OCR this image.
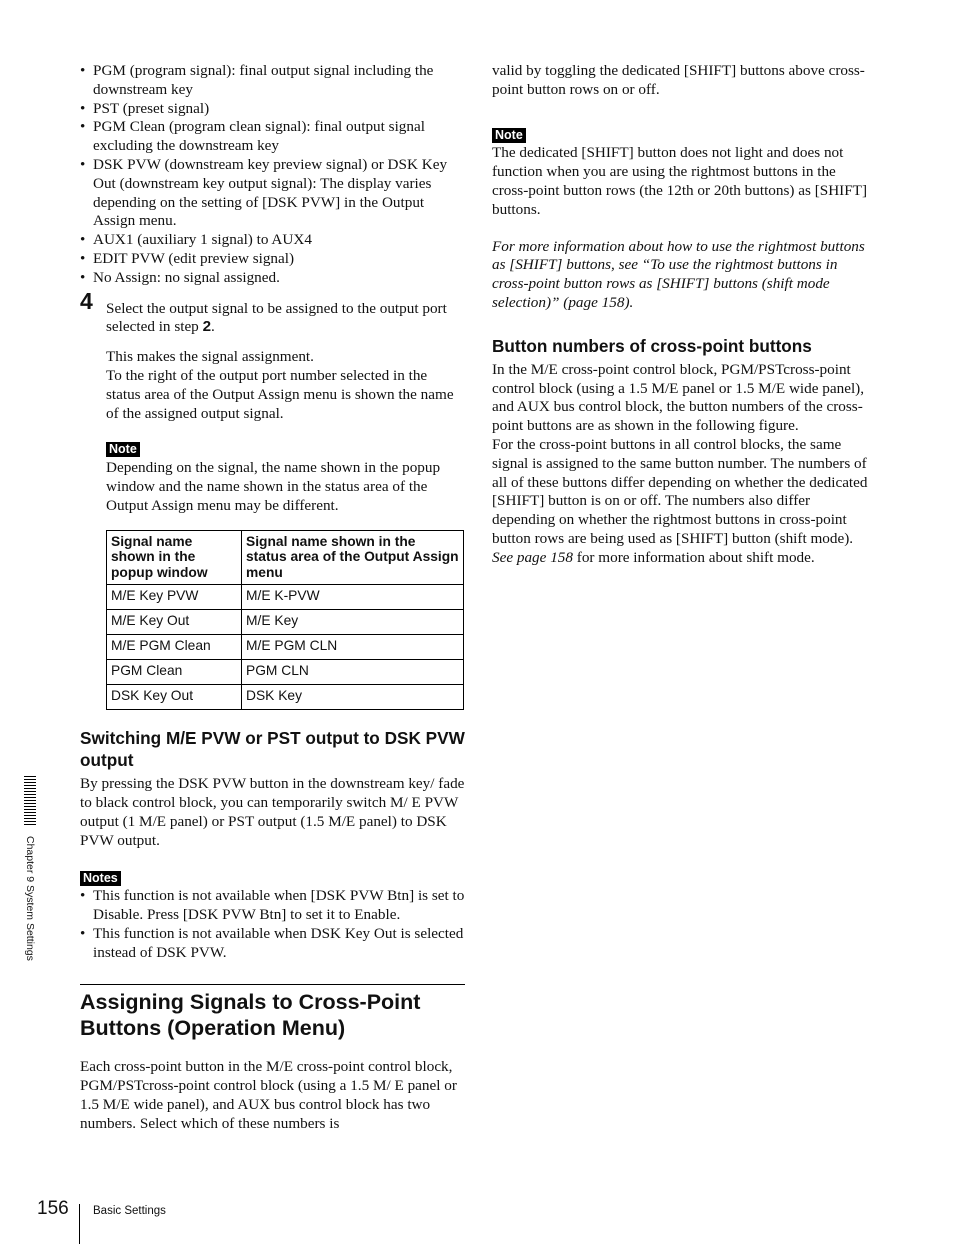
Chapter 9 System Settings
• PGM (program signal): final output signal including the downstream key
• PST (preset signal)
• PGM Clean (program clean signal): final output signal excluding the downstream key
• DSK PVW (downstream key preview signal) or DSK Key Out (downstream key output signal): The display varies depending on the setting of [DSK PVW] in the Output Assign menu.
• AUX1 (auxiliary 1 signal) to AUX4
• EDIT PVW (edit preview signal)
• No Assign: no signal assigned.
4 Select the output signal to be assigned to the output port selected in step 2.

This makes the signal assignment.

To the right of the output port number selected in the status area of the Output Assign menu is shown the name of the assigned output signal.

Note

Depending on the signal, the name shown in the popup window and the name shown in the status area of the Output Assign menu may be different.

Signal name shown in the popup window	Signal name shown in the status area of the Output Assign menu
M/E Key PVW	M/E K-PVW
M/E Key Out	M/E Key
M/E PGM Clean	M/E PGM CLN
PGM Clean	PGM CLN
DSK Key Out	DSK Key
Switching M/E PVW or PST output to DSK PVW output

By pressing the DSK PVW button in the downstream key/ fade to black control block, you can temporarily switch M/ E PVW output (1 M/E panel) or PST output (1.5 M/E panel) to DSK PVW output.

Notes
• This function is not available when [DSK PVW Btn] is set to Disable. Press [DSK PVW Btn] to set it to Enable.
• This function is not available when DSK Key Out is selected instead of DSK PVW.
Assigning Signals to Cross-Point Buttons (Operation Menu)

Each cross-point button in the M/E cross-point control block, PGM/PSTcross-point control block (using a 1.5 M/ E panel or 1.5 M/E wide panel), and AUX bus control block has two numbers. Select which of these numbers is

valid by toggling the dedicated [SHIFT] buttons above cross-point button rows on or off.

Note

The dedicated [SHIFT] button does not light and does not function when you are using the rightmost buttons in the cross-point button rows (the 12th or 20th buttons) as [SHIFT] buttons.

For more information about how to use the rightmost buttons as [SHIFT] buttons, see “To use the rightmost buttons in cross-point button rows as [SHIFT] buttons (shift mode selection)” (page 158).

Button numbers of cross-point buttons

In the M/E cross-point control block, PGM/PSTcross-point control block (using a 1.5 M/E panel or 1.5 M/E wide panel), and AUX bus control block, the button numbers of the cross-point buttons are as shown in the following figure.

For the cross-point buttons in all control blocks, the same signal is assigned to the same button number. The numbers of all of these buttons differ depending on whether the dedicated [SHIFT] button is on or off. The numbers also differ depending on whether the rightmost buttons in cross-point button rows are being used as [SHIFT] button (shift mode). See page 158 for more information about shift mode.

156 Basic Settings
